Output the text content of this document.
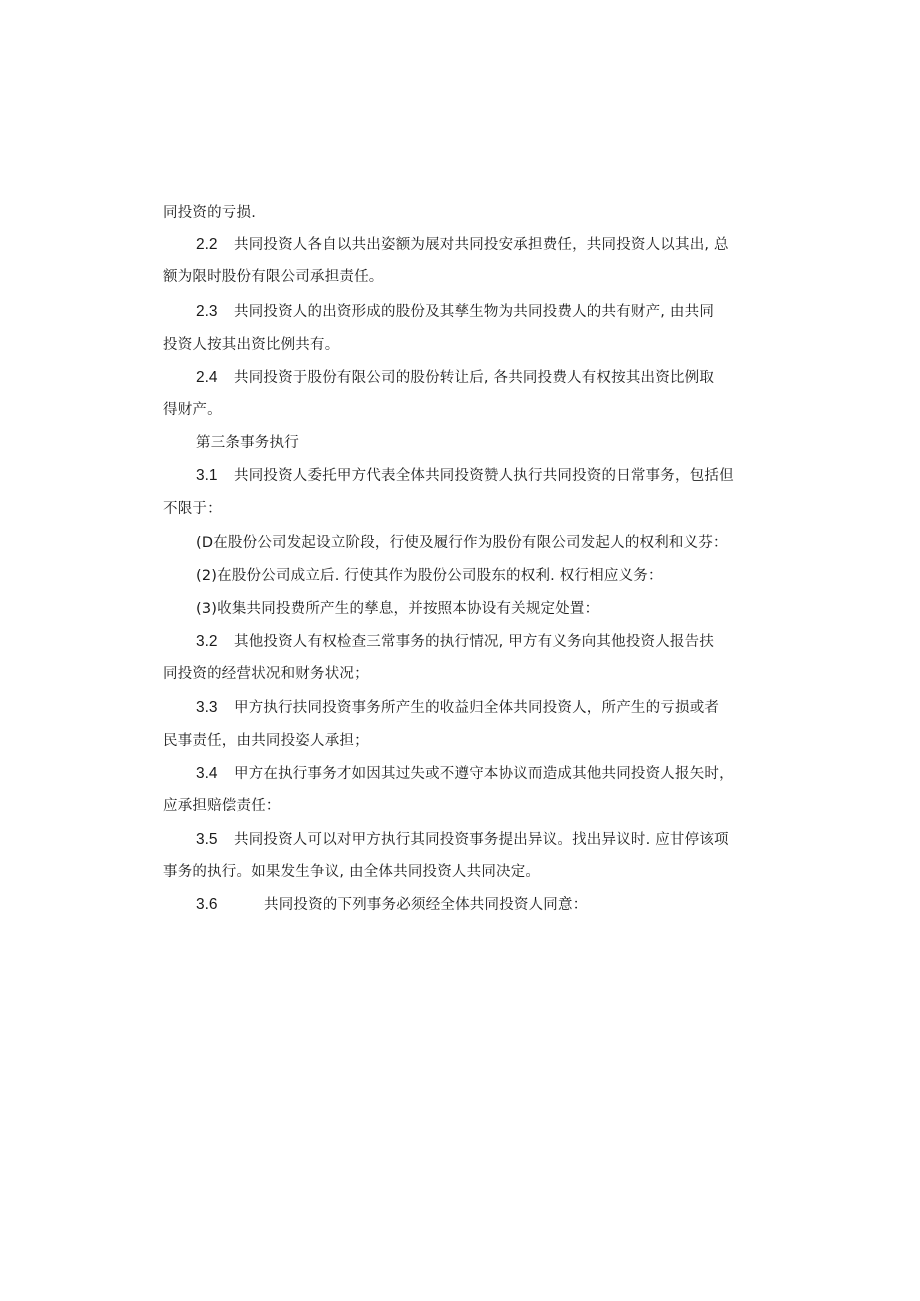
同投资的亏损.
2.2 共同投资人各自以共出姿额为展对共同投安承担费任，共同投资人以其出, 总
额为限时股份有限公司承担责任。
2.3 共同投资人的出资形成的股份及其孳生物为共同投费人的共有财产, 由共同
投资人按其出资比例共有。
2.4 共同投资于股份有限公司的股份转让后, 各共同投费人有权按其出资比例取
得财产。
第三条事务执行
3.1 共同投资人委托甲方代表全体共同投资赞人执行共同投资的日常事务，包括但
不限于：
(D在股份公司发起设立阶段，行使及履行作为股份有限公司发起人的权利和义芬：
(2)在股份公司成立后. 行使其作为股份公司股东的权利. 权行相应义务：
(3)收集共同投费所产生的孳息，并按照本协设有关规定处置：
3.2 其他投资人有权检查三常事务的执行情况, 甲方有义务向其他投资人报告扶
同投资的经营状况和财务状况；
3.3 甲方执行扶同投资事务所产生的收益归全体共同投资人，所产生的亏损或者
民事责任，由共同投姿人承担；
3.4 甲方在执行事务才如因其过失或不遵守本协议而造成其他共同投资人报矢时，
应承担赔偿责任：
3.5 共同投资人可以对甲方执行其同投资事务提出异议。找出异议时. 应甘停该项
事务的执行。如果发生争议, 由全体共同投资人共同决定。
3.6	共同投资的下列事务必须经全体共同投资人同意：
